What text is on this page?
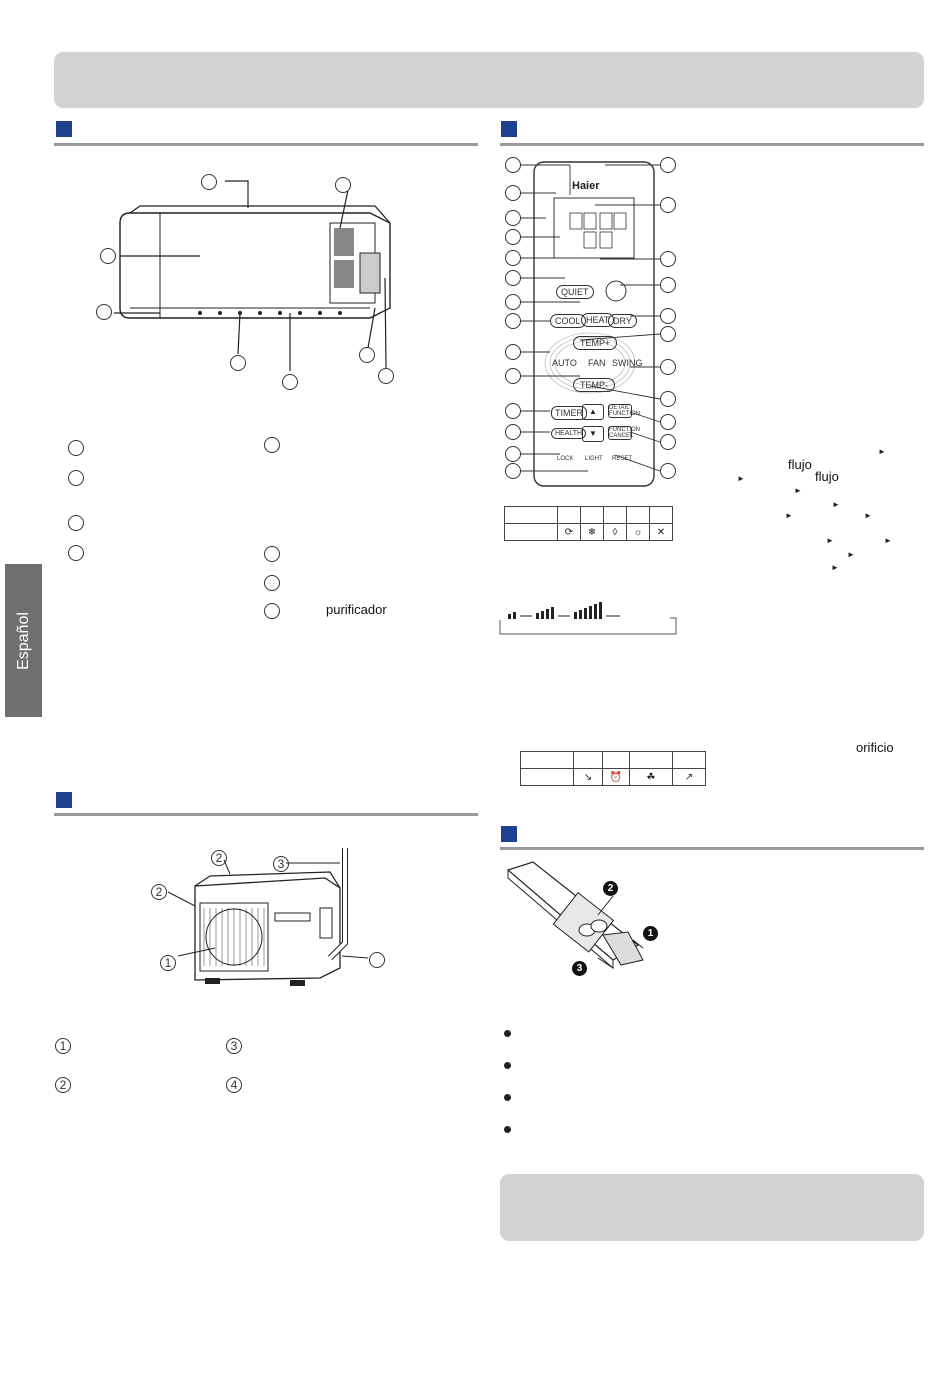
Español
purificador
Haier
QUIET
HEAT
COOL	DRY
TEMP+
AUTO FAN SWING
TEMP-
TIMER
HEALTH
▲
▼
DETAIL FUNCTION
FUNCTION CANCEL
LOCK LIGHT RESET	flujo
flujo
orificio
►
►
►
►
►	►
►	►
►
►

	⟳	❄	◊	☼	✕

	↘	⏰	☘	↗
2
2
3
1
1
2
3
4
2
1
3
